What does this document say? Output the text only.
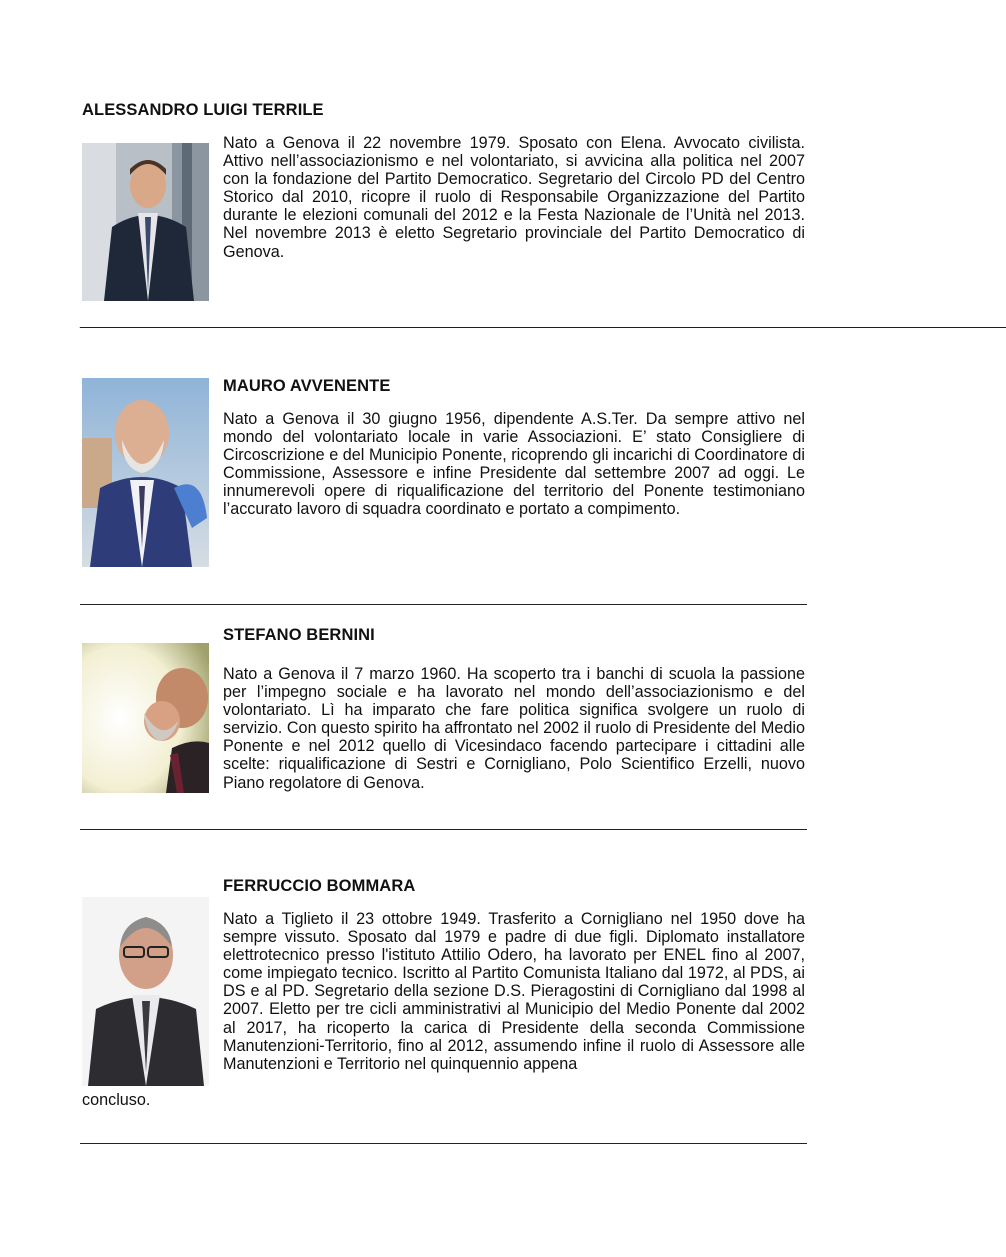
ALESSANDRO LUIGI TERRILE

Nato a Genova il 22 novembre 1979. Sposato con Elena. Avvocato civilista. Attivo nell’associazionismo e nel volontariato, si avvicina alla politica nel 2007 con la fondazione del Partito Democratico. Segretario del Circolo PD del Centro Storico dal 2010, ricopre il ruolo di Responsabile Organizzazione del Partito durante le elezioni comunali del 2012 e la Festa Nazionale de l’Unità nel 2013. Nel novembre 2013 è eletto Segretario provinciale del Partito Democratico di Genova.

_______________________________________________________________________________________________________________
MAURO AVVENENTE

Nato a Genova il 30 giugno 1956, dipendente A.S.Ter. Da sempre attivo nel mondo del volontariato locale in varie Associazioni. E’ stato Consigliere di Circoscrizione e del Municipio Ponente, ricoprendo gli incarichi di Coordinatore di Commissione, Assessore e infine Presidente dal settembre 2007 ad oggi. Le innumerevoli opere di riqualificazione del territorio del Ponente testimoniano l’accurato lavoro di squadra coordinato e portato a compimento.

STEFANO BERNINI

Nato a Genova il 7 marzo 1960. Ha scoperto tra i banchi di scuola la passione per l’impegno sociale e ha lavorato nel mondo dell’associazionismo e del volontariato. Lì ha imparato che fare politica significa svolgere un ruolo di servizio. Con questo spirito ha affrontato nel 2002 il ruolo di Presidente del Medio Ponente e nel 2012 quello di Vicesindaco facendo partecipare i cittadini alle scelte: riqualificazione di Sestri e Cornigliano, Polo Scientifico Erzelli, nuovo Piano regolatore di Genova.

FERRUCCIO BOMMARA

Nato a Tiglieto il 23 ottobre 1949. Trasferito a Cornigliano nel 1950 dove ha sempre vissuto. Sposato dal 1979 e padre di due figli. Diplomato installatore elettrotecnico presso l'istituto Attilio Odero, ha lavorato per ENEL fino al 2007, come impiegato tecnico. Iscritto al Partito Comunista Italiano dal 1972, al PDS, ai DS e al PD. Segretario della sezione D.S. Pieragostini di Cornigliano dal 1998 al 2007. Eletto per tre cicli amministrativi al Municipio del Medio Ponente dal 2002 al 2017, ha ricoperto la carica di Presidente della seconda Commissione Manutenzioni-Territorio, fino al 2012, assumendo infine il ruolo di Assessore alle Manutenzioni e Territorio nel quinquennio appena

concluso.
